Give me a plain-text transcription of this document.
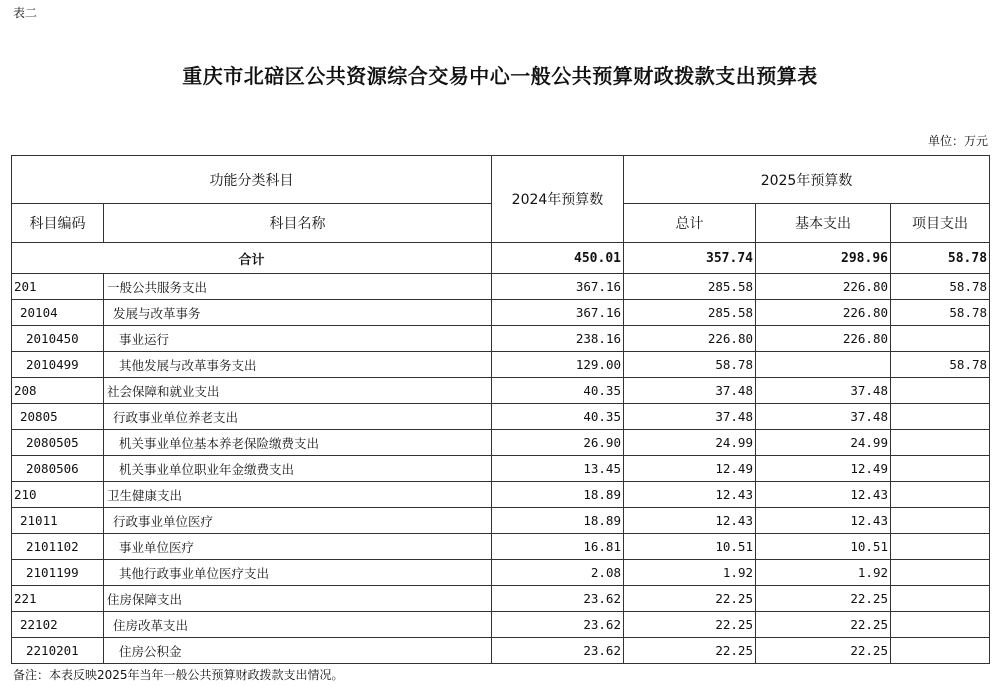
表二
重庆市北碚区公共资源综合交易中心一般公共预算财政拨款支出预算表
单位：万元
功能分类科目		2024年预算数	2025年预算数		
科目编码	科目名称		总计	基本支出	项目支出
合计		450.01	357.74	298.96	58.78
201	一般公共服务支出	367.16	285.58	226.80	58.78
20104	发展与改革事务	367.16	285.58	226.80	58.78
2010450	事业运行	238.16	226.80	226.80	
2010499	其他发展与改革事务支出	129.00	58.78		58.78
208	社会保障和就业支出	40.35	37.48	37.48	
20805	行政事业单位养老支出	40.35	37.48	37.48	
2080505	机关事业单位基本养老保险缴费支出	26.90	24.99	24.99	
2080506	机关事业单位职业年金缴费支出	13.45	12.49	12.49	
210	卫生健康支出	18.89	12.43	12.43	
21011	行政事业单位医疗	18.89	12.43	12.43	
2101102	事业单位医疗	16.81	10.51	10.51	
2101199	其他行政事业单位医疗支出	2.08	1.92	1.92	
221	住房保障支出	23.62	22.25	22.25	
22102	住房改革支出	23.62	22.25	22.25	
2210201	住房公积金	23.62	22.25	22.25	
备注：本表反映2025年当年一般公共预算财政拨款支出情况。
